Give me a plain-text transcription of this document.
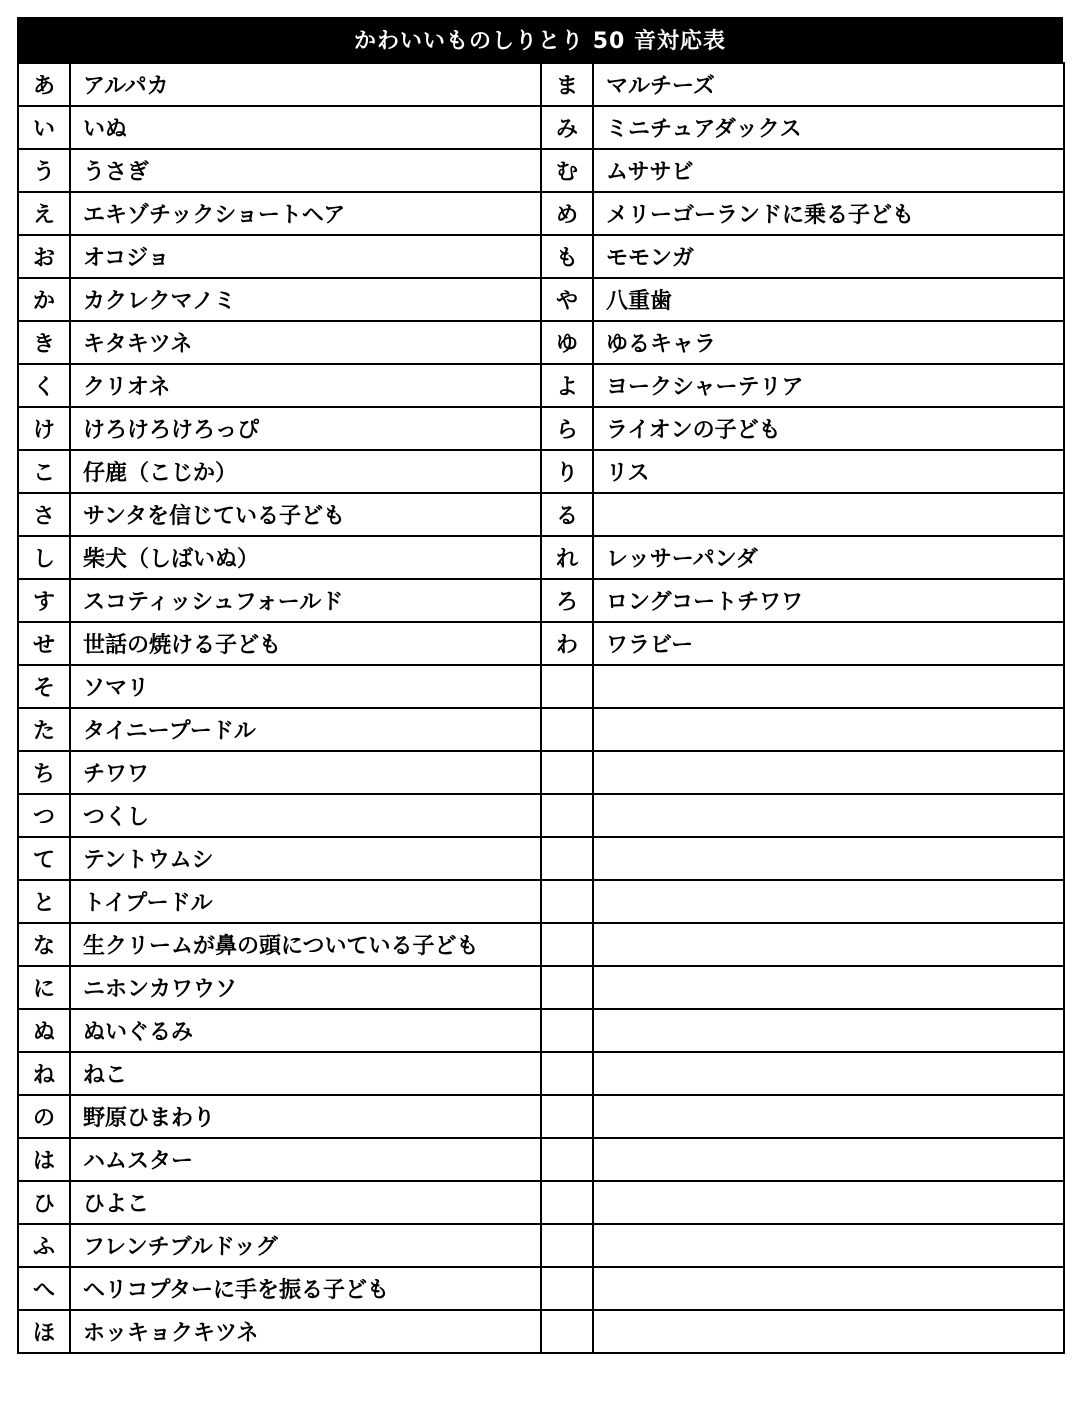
かわいいものしりとり 50 音対応表
あ	アルパカ	ま	マルチーズ
い	いぬ	み	ミニチュアダックス
う	うさぎ	む	ムササビ
え	エキゾチックショートヘア	め	メリーゴーランドに乗る子ども
お	オコジョ	も	モモンガ
か	カクレクマノミ	や	八重歯
き	キタキツネ	ゆ	ゆるキャラ
く	クリオネ	よ	ヨークシャーテリア
け	けろけろけろっぴ	ら	ライオンの子ども
こ	仔鹿（こじか）	り	リス
さ	サンタを信じている子ども	る	
し	柴犬（しばいぬ）	れ	レッサーパンダ
す	スコティッシュフォールド	ろ	ロングコートチワワ
せ	世話の焼ける子ども	わ	ワラビー
そ	ソマリ		
た	タイニープードル		
ち	チワワ		
つ	つくし		
て	テントウムシ		
と	トイプードル		
な	生クリームが鼻の頭についている子ども		
に	ニホンカワウソ		
ぬ	ぬいぐるみ		
ね	ねこ		
の	野原ひまわり		
は	ハムスター		
ひ	ひよこ		
ふ	フレンチブルドッグ		
へ	ヘリコプターに手を振る子ども		
ほ	ホッキョクキツネ		
